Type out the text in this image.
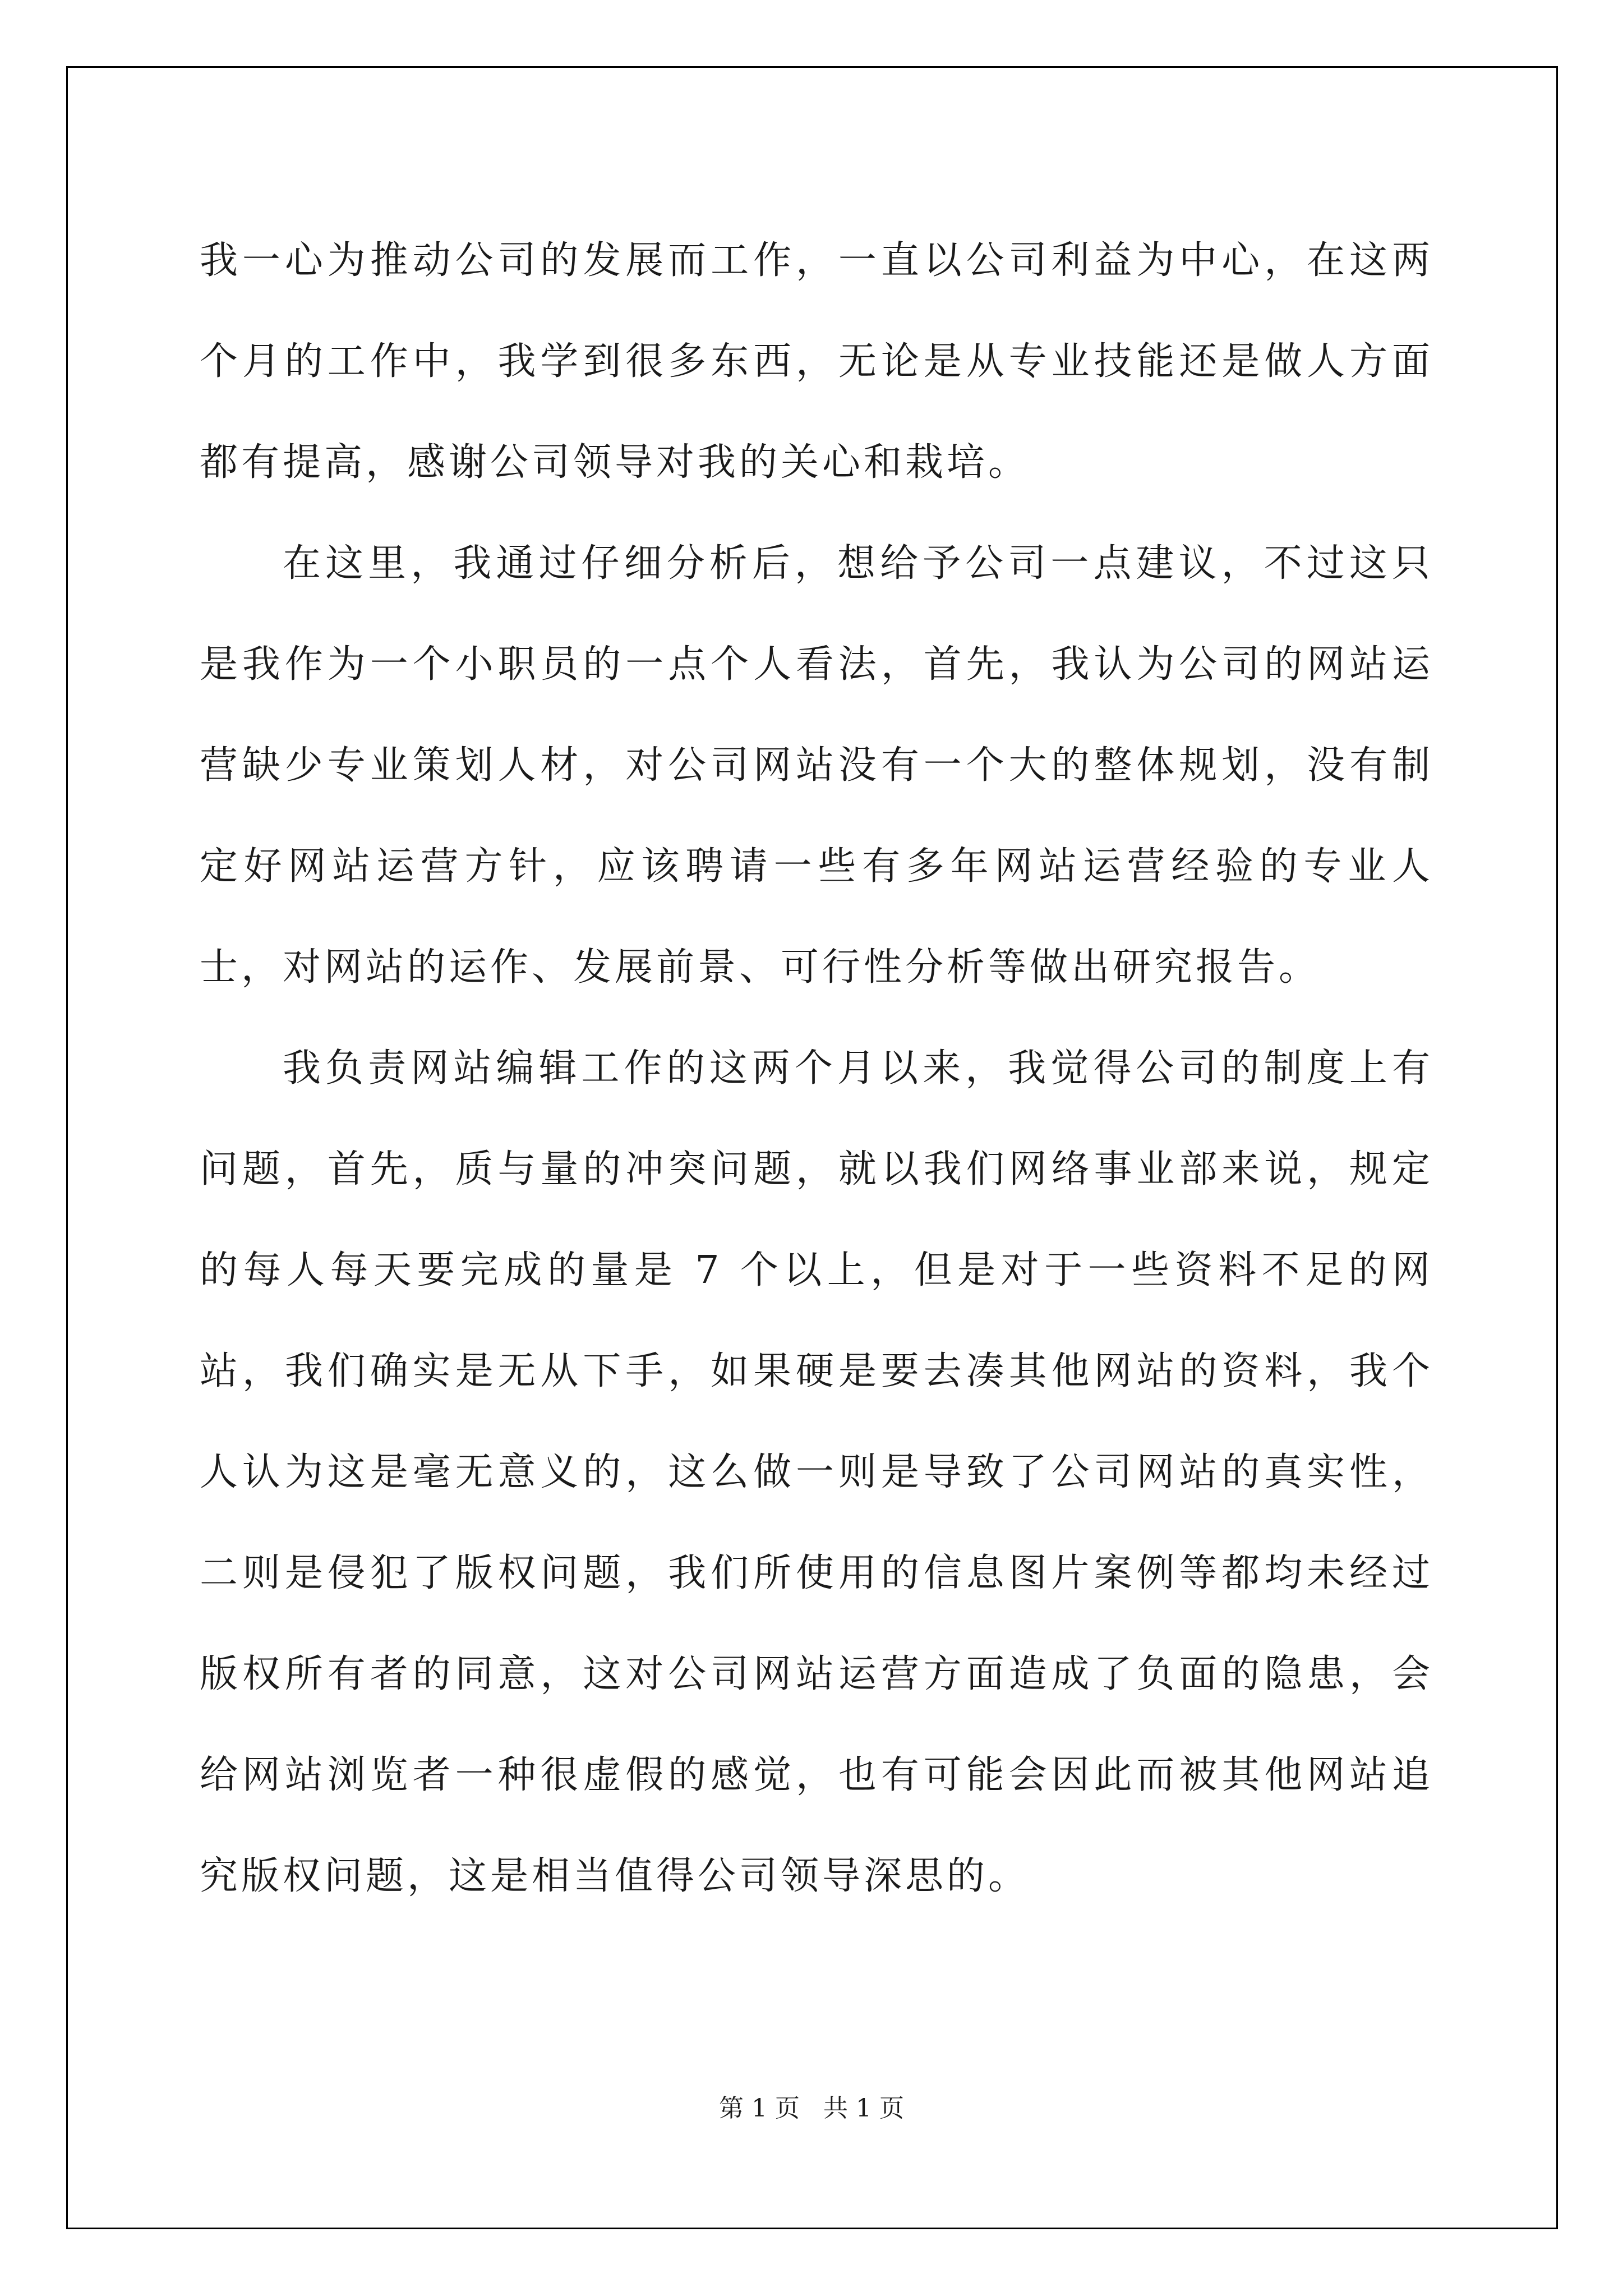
我一心为推动公司的发展而工作，一直以公司利益为中心，在这两个月的工作中，我学到很多东西，无论是从专业技能还是做人方面都有提高，感谢公司领导对我的关心和栽培。

在这里，我通过仔细分析后，想给予公司一点建议，不过这只是我作为一个小职员的一点个人看法，首先，我认为公司的网站运营缺少专业策划人材，对公司网站没有一个大的整体规划，没有制定好网站运营方针，应该聘请一些有多年网站运营经验的专业人士，对网站的运作、发展前景、可行性分析等做出研究报告。

我负责网站编辑工作的这两个月以来，我觉得公司的制度上有问题，首先，质与量的冲突问题，就以我们网络事业部来说，规定的每人每天要完成的量是 7 个以上，但是对于一些资料不足的网站，我们确实是无从下手，如果硬是要去凑其他网站的资料，我个人认为这是毫无意义的，这么做一则是导致了公司网站的真实性，二则是侵犯了版权问题，我们所使用的信息图片案例等都均未经过版权所有者的同意，这对公司网站运营方面造成了负面的隐患，会给网站浏览者一种很虚假的感觉，也有可能会因此而被其他网站追究版权问题，这是相当值得公司领导深思的。

第 1 页   共 1 页
